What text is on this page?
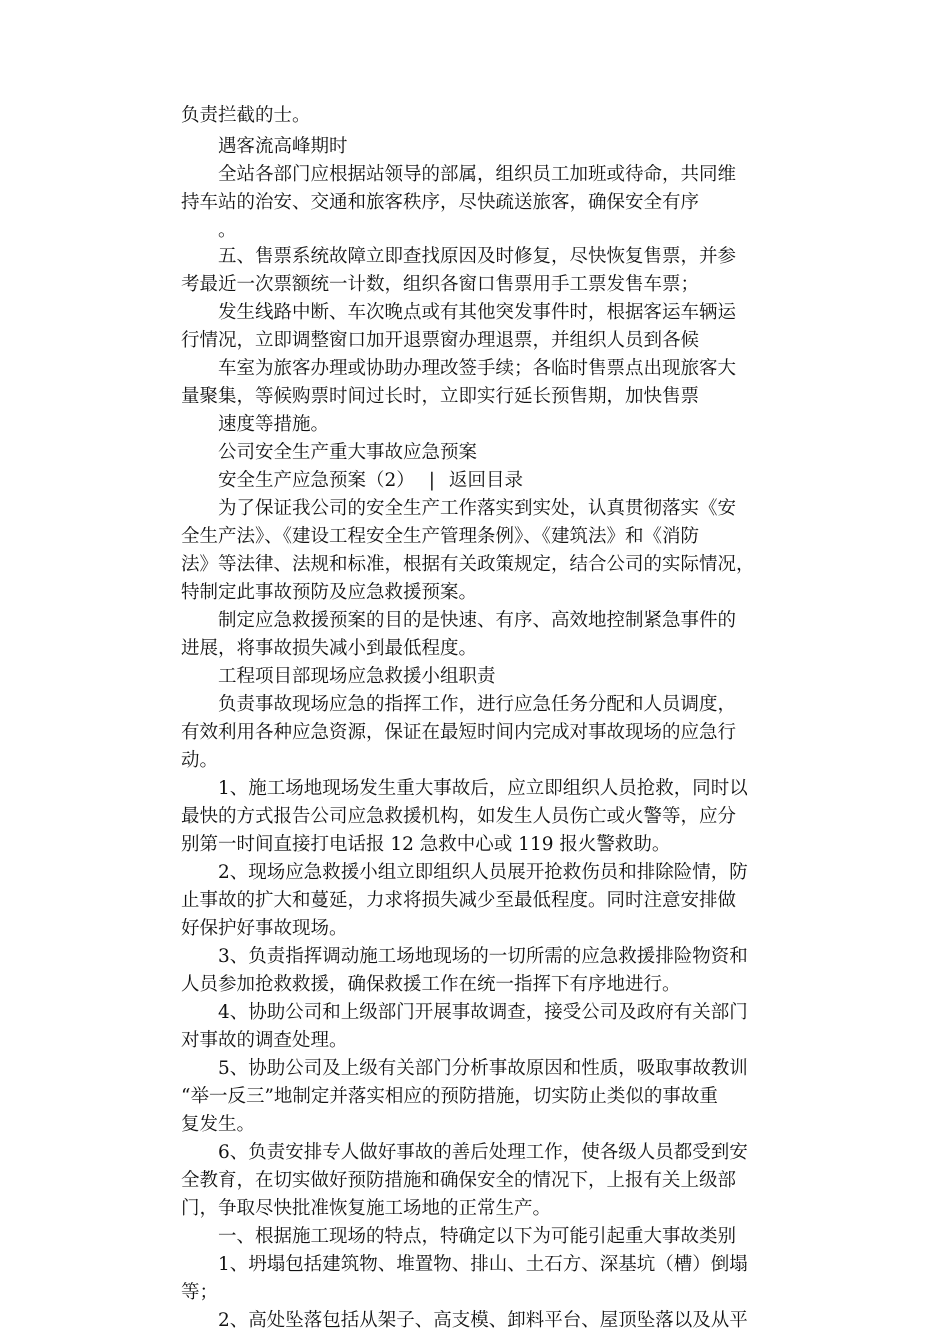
负责拦截的士。
遇客流高峰期时
全站各部门应根据站领导的部属，组织员工加班或待命，共同维
持车站的治安、交通和旅客秩序，尽快疏送旅客，确保安全有序
。
五、售票系统故障立即查找原因及时修复，尽快恢复售票，并参
考最近一次票额统一计数，组织各窗口售票用手工票发售车票；
发生线路中断、车次晚点或有其他突发事件时，根据客运车辆运
行情况，立即调整窗口加开退票窗办理退票，并组织人员到各候
车室为旅客办理或协助办理改签手续；各临时售票点出现旅客大
量聚集，等候购票时间过长时，立即实行延长预售期，加快售票
速度等措施。
公司安全生产重大事故应急预案
安全生产应急预案（2） | 返回目录
为了保证我公司的安全生产工作落实到实处，认真贯彻落实《安
全生产法》、《建设工程安全生产管理条例》、《建筑法》和《消防
法》等法律、法规和标准，根据有关政策规定，结合公司的实际情况，
特制定此事故预防及应急救援预案。
制定应急救援预案的目的是快速、有序、高效地控制紧急事件的
进展，将事故损失减小到最低程度。
工程项目部现场应急救援小组职责
负责事故现场应急的指挥工作，进行应急任务分配和人员调度，
有效利用各种应急资源，保证在最短时间内完成对事故现场的应急行
动。
1、施工场地现场发生重大事故后，应立即组织人员抢救，同时以
最快的方式报告公司应急救援机构，如发生人员伤亡或火警等，应分
别第一时间直接打电话报 12 急救中心或 119 报火警救助。
2、现场应急救援小组立即组织人员展开抢救伤员和排除险情，防
止事故的扩大和蔓延，力求将损失减少至最低程度。同时注意安排做
好保护好事故现场。
3、负责指挥调动施工场地现场的一切所需的应急救援排险物资和
人员参加抢救救援，确保救援工作在统一指挥下有序地进行。
4、协助公司和上级部门开展事故调查，接受公司及政府有关部门
对事故的调查处理。
5、协助公司及上级有关部门分析事故原因和性质，吸取事故教训
“举一反三”地制定并落实相应的预防措施，切实防止类似的事故重
复发生。
6、负责安排专人做好事故的善后处理工作，使各级人员都受到安
全教育，在切实做好预防措施和确保安全的情况下，上报有关上级部
门，争取尽快批准恢复施工场地的正常生产。
一、根据施工现场的特点，特确定以下为可能引起重大事故类别
1、坍塌包括建筑物、堆置物、排山、土石方、深基坑（槽）倒塌
等；
2、高处坠落包括从架子、高支模、卸料平台、屋顶坠落以及从平
